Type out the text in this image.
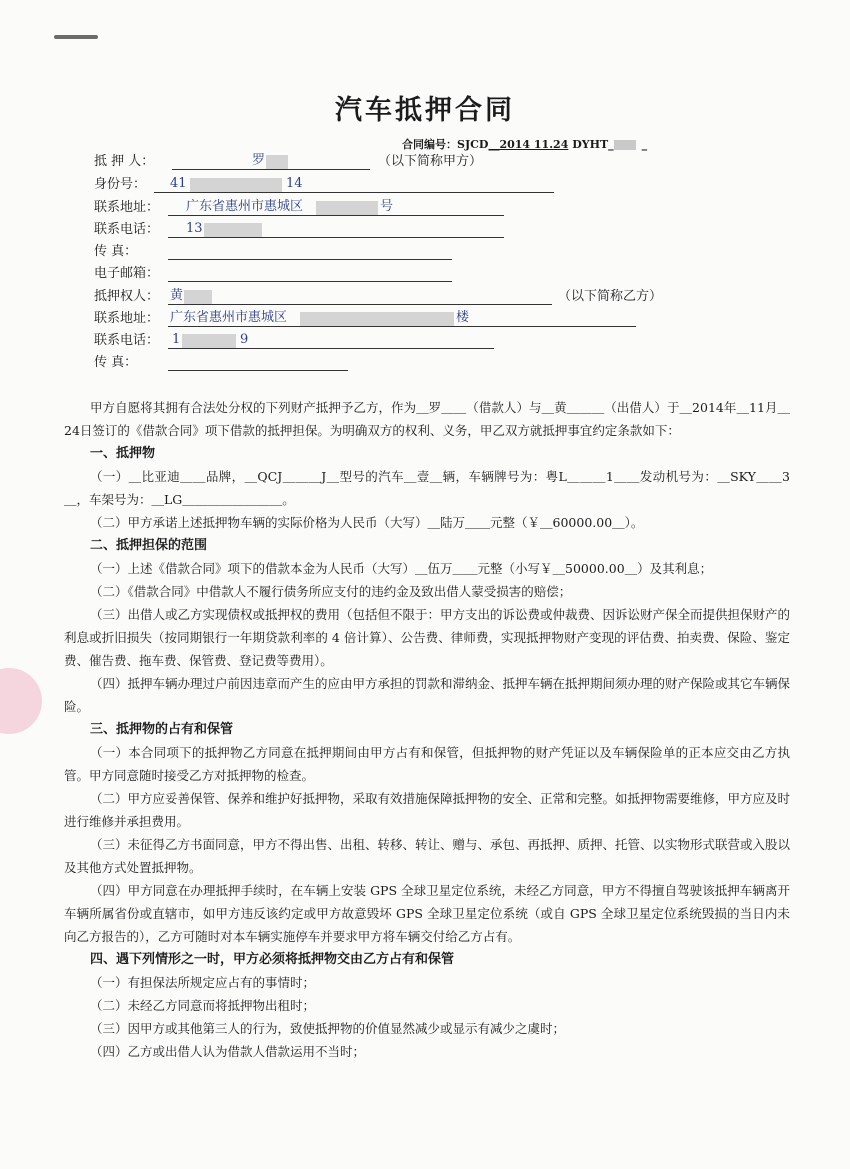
汽车抵押合同
合同编号：SJCD__2014 11.24 DYHT_	_
抵 押 人：	罗	（以下简称甲方）
身份号： 41	14
联系地址： 广东省惠州市惠城区	号
联系电话： 13
传 真：
电子邮箱：
抵押权人： 黄	（以下简称乙方）
联系地址： 广东省惠州市惠城区	楼
联系电话： 1	9
传 真：

甲方自愿将其拥有合法处分权的下列财产抵押予乙方，作为＿罗＿＿（借款人）与＿黄＿＿＿（出借人）于＿2014年＿11月＿24日签订的《借款合同》项下借款的抵押担保。为明确双方的权利、义务，甲乙双方就抵押事宜约定条款如下：

一、抵押物

（一）＿比亚迪＿＿品牌，＿QCJ＿＿＿J＿型号的汽车＿壹＿辆，车辆牌号为：粤L＿＿＿1＿＿发动机号为：＿SKY＿＿3＿，车架号为：＿LG＿＿＿＿＿＿＿＿。

（二）甲方承诺上述抵押物车辆的实际价格为人民币（大写）＿陆万＿＿元整（￥＿60000.00＿）。

二、抵押担保的范围

（一）上述《借款合同》项下的借款本金为人民币（大写）＿伍万＿＿元整（小写￥＿50000.00＿）及其利息；

（二）《借款合同》中借款人不履行债务所应支付的违约金及致出借人蒙受损害的赔偿；

（三）出借人或乙方实现债权或抵押权的费用（包括但不限于：甲方支出的诉讼费或仲裁费、因诉讼财产保全而提供担保财产的利息或折旧损失（按同期银行一年期贷款利率的 4 倍计算）、公告费、律师费，实现抵押物财产变现的评估费、拍卖费、保险、鉴定费、催告费、拖车费、保管费、登记费等费用）。

（四）抵押车辆办理过户前因违章而产生的应由甲方承担的罚款和滞纳金、抵押车辆在抵押期间须办理的财产保险或其它车辆保险。

三、抵押物的占有和保管

（一）本合同项下的抵押物乙方同意在抵押期间由甲方占有和保管，但抵押物的财产凭证以及车辆保险单的正本应交由乙方执管。甲方同意随时接受乙方对抵押物的检查。

（二）甲方应妥善保管、保养和维护好抵押物，采取有效措施保障抵押物的安全、正常和完整。如抵押物需要维修，甲方应及时进行维修并承担费用。

（三）未征得乙方书面同意，甲方不得出售、出租、转移、转让、赠与、承包、再抵押、质押、托管、以实物形式联营或入股以及其他方式处置抵押物。

（四）甲方同意在办理抵押手续时，在车辆上安装 GPS 全球卫星定位系统，未经乙方同意，甲方不得擅自驾驶该抵押车辆离开车辆所属省份或直辖市，如甲方违反该约定或甲方故意毁坏 GPS 全球卫星定位系统（或自 GPS 全球卫星定位系统毁损的当日内未向乙方报告的），乙方可随时对本车辆实施停车并要求甲方将车辆交付给乙方占有。

四、遇下列情形之一时，甲方必须将抵押物交由乙方占有和保管

（一）有担保法所规定应占有的事情时；

（二）未经乙方同意而将抵押物出租时；

（三）因甲方或其他第三人的行为，致使抵押物的价值显然减少或显示有减少之虞时；

（四）乙方或出借人认为借款人借款运用不当时；
